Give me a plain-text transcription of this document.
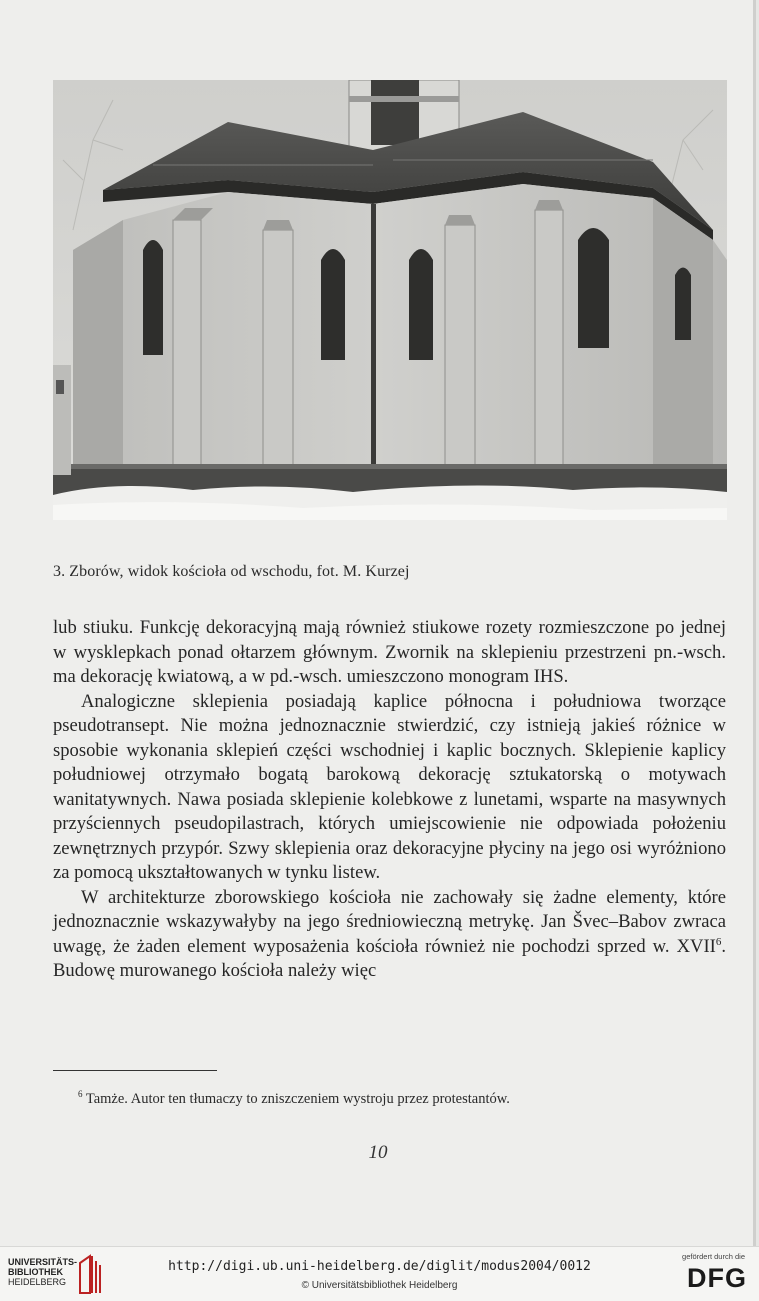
3. Zborów, widok kościoła od wschodu, fot. M. Kurzej

lub stiuku. Funkcję dekoracyjną mają również stiukowe rozety rozmieszczone po jednej w wysklepkach ponad ołtarzem głównym. Zwornik na sklepieniu przestrzeni pn.-wsch. ma dekorację kwiatową, a w pd.-wsch. umieszczono monogram IHS.

Analogiczne sklepienia posiadają kaplice północna i południowa tworzące pseudotransept. Nie można jednoznacznie stwierdzić, czy istnieją jakieś różnice w sposobie wykonania sklepień części wschodniej i kaplic bocznych. Sklepienie kaplicy południowej otrzymało bogatą barokową dekorację sztukatorską o motywach wanitatywnych. Nawa posiada sklepienie kolebkowe z lunetami, wsparte na masywnych przyściennych pseudopilastrach, których umiejscowienie nie odpowiada położeniu zewnętrznych przypór. Szwy sklepienia oraz dekoracyjne płyciny na jego osi wyróżniono za pomocą ukształtowanych w tynku listew.

W architekturze zborowskiego kościoła nie zachowały się żadne elementy, które jednoznacznie wskazywałyby na jego średniowieczną metrykę. Jan Švec–Babov zwraca uwagę, że żaden element wyposażenia kościoła również nie pochodzi sprzed w. XVII$^6$. Budowę murowanego kościoła należy więc

$^6$ Tamże. Autor ten tłumaczy to zniszczeniem wystroju przez protestantów.
10
UNIVERSITÄTS-
BIBLIOTHEK
HEIDELBERG
http://digi.ub.uni-heidelberg.de/diglit/modus2004/0012
© Universitätsbibliothek Heidelberg
gefördert durch die
DFG
